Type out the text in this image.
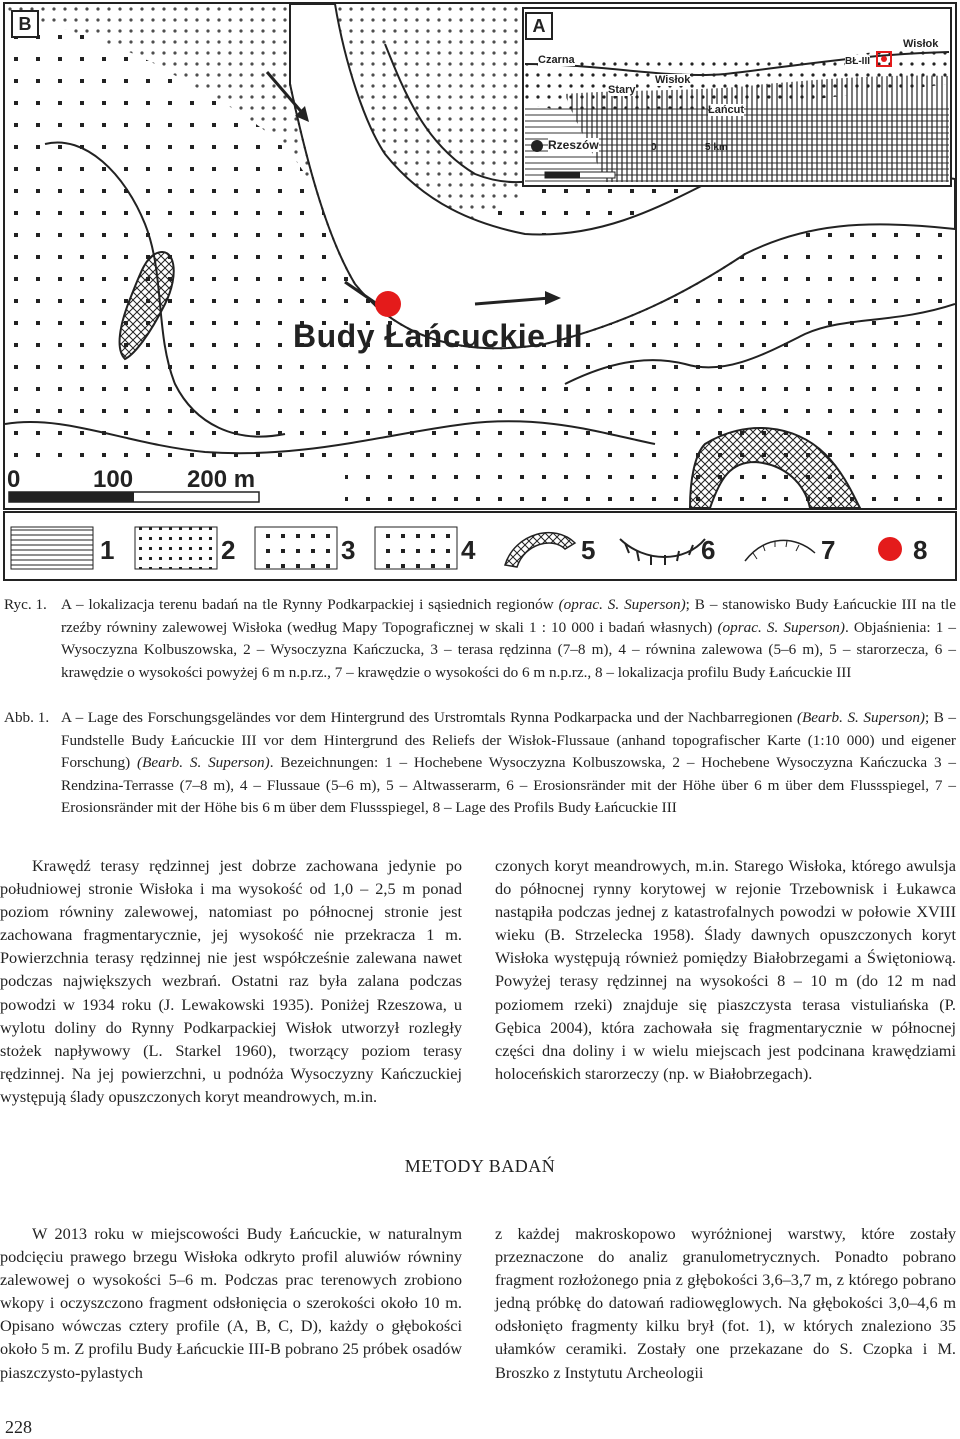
A
B
Czarna
Stary
Wisłok
Łańcut
Rzeszów
Wisłok
BŁ-III
0	5 km
Budy Łańcuckie III
0	100 200 m
1	2	3	4	5	6	7	8
Ryc. 1. A – lokalizacja terenu badań na tle Rynny Podkarpackiej i sąsiednich regionów (oprac. S. Superson); B – stanowisko Budy Łańcuckie III na tle rzeźby równiny zalewowej Wisłoka (według Mapy Topograficznej w skali 1 : 10 000 i badań własnych) (oprac. S. Superson). Objaśnienia: 1 – Wysoczyzna Kolbuszowska, 2 – Wysoczyzna Kańczucka, 3 – terasa rędzinna (7–8 m), 4 – równina zalewowa (5–6 m), 5 – starorzecza, 6 – krawędzie o wysokości powyżej 6 m n.p.rz., 7 – krawędzie o wysokości do 6 m n.p.rz., 8 – lokalizacja profilu Budy Łańcuckie III
Abb. 1. A – Lage des Forschungsgeländes vor dem Hintergrund des Urstromtals Rynna Podkarpacka und der Nachbarregionen (Bearb. S. Superson); B – Fundstelle Budy Łańcuckie III vor dem Hintergrund des Reliefs der Wisłok-Flussaue (anhand topografischer Karte (1:10 000) und eigener Forschung) (Bearb. S. Superson). Bezeichnungen: 1 – Hochebene Wysoczyzna Kolbuszowska, 2 – Hochebene Wysoczyzna Kańczucka 3 – Rendzina-Terrasse (7–8 m), 4 – Flussaue (5–6 m), 5 – Altwasserarm, 6 – Erosionsränder mit der Höhe über 6 m über dem Flussspiegel, 7 – Erosionsränder mit der Höhe bis 6 m über dem Flussspiegel, 8 – Lage des Profils Budy Łańcuckie III

Krawędź terasy rędzinnej jest dobrze zachowana jedynie po południowej stronie Wisłoka i ma wysokość od 1,0 – 2,5 m ponad poziom równiny zalewowej, natomiast po północnej stronie jest zachowana fragmentarycznie, jej wysokość nie przekracza 1 m. Powierzchnia terasy rędzinnej nie jest współcześnie zalewana nawet podczas największych wezbrań. Ostatni raz była zalana podczas powodzi w 1934 roku (J. Lewakowski 1935). Poniżej Rzeszowa, u wylotu doliny do Rynny Podkarpackiej Wisłok utworzył rozległy stożek napływowy (L. Starkel 1960), tworzący poziom terasy rędzinnej. Na jej powierzchni, u podnóża Wysoczyzny Kańczuckiej występują ślady opuszczonych koryt meandrowych, m.in.

czonych koryt meandrowych, m.in. Starego Wisłoka, którego awulsja do północnej rynny korytowej w rejonie Trzebownisk i Łukawca nastąpiła podczas jednej z katastrofalnych powodzi w połowie XVIII wieku (B. Strzelecka 1958). Ślady dawnych opuszczonych koryt Wisłoka występują również pomiędzy Białobrzegami a Świętoniową. Powyżej terasy rędzinnej na wysokości 8 – 10 m (do 12 m nad poziomem rzeki) znajduje się piaszczysta terasa vistuliańska (P. Gębica 2004), która zachowała się fragmentarycznie w północnej części dna doliny i w wielu miejscach jest podcinana krawędziami holoceńskich starorzeczy (np. w Białobrzegach).

METODY BADAŃ

W 2013 roku w miejscowości Budy Łańcuckie, w naturalnym podcięciu prawego brzegu Wisłoka odkryto profil aluwiów równiny zalewowej o wysokości 5–6 m. Podczas prac terenowych zrobiono wkopy i oczyszczono fragment odsłonięcia o szerokości około 10 m. Opisano wówczas cztery profile (A, B, C, D), każdy o głębokości około 5 m. Z profilu Budy Łańcuckie III-B pobrano 25 próbek osadów piaszczysto-pylastych

z każdej makroskopowo wyróżnionej warstwy, które zostały przeznaczone do analiz granulometrycznych. Ponadto pobrano fragment rozłożonego pnia z głębokości 3,6–3,7 m, z którego pobrano jedną próbkę do datowań radiowęglowych. Na głębokości 3,0–4,6 m odsłonięto fragmenty kilku brył (fot. 1), w których znaleziono 35 ułamków ceramiki. Zostały one przekazane do S. Czopka i M. Broszko z Instytutu Archeologii

228
